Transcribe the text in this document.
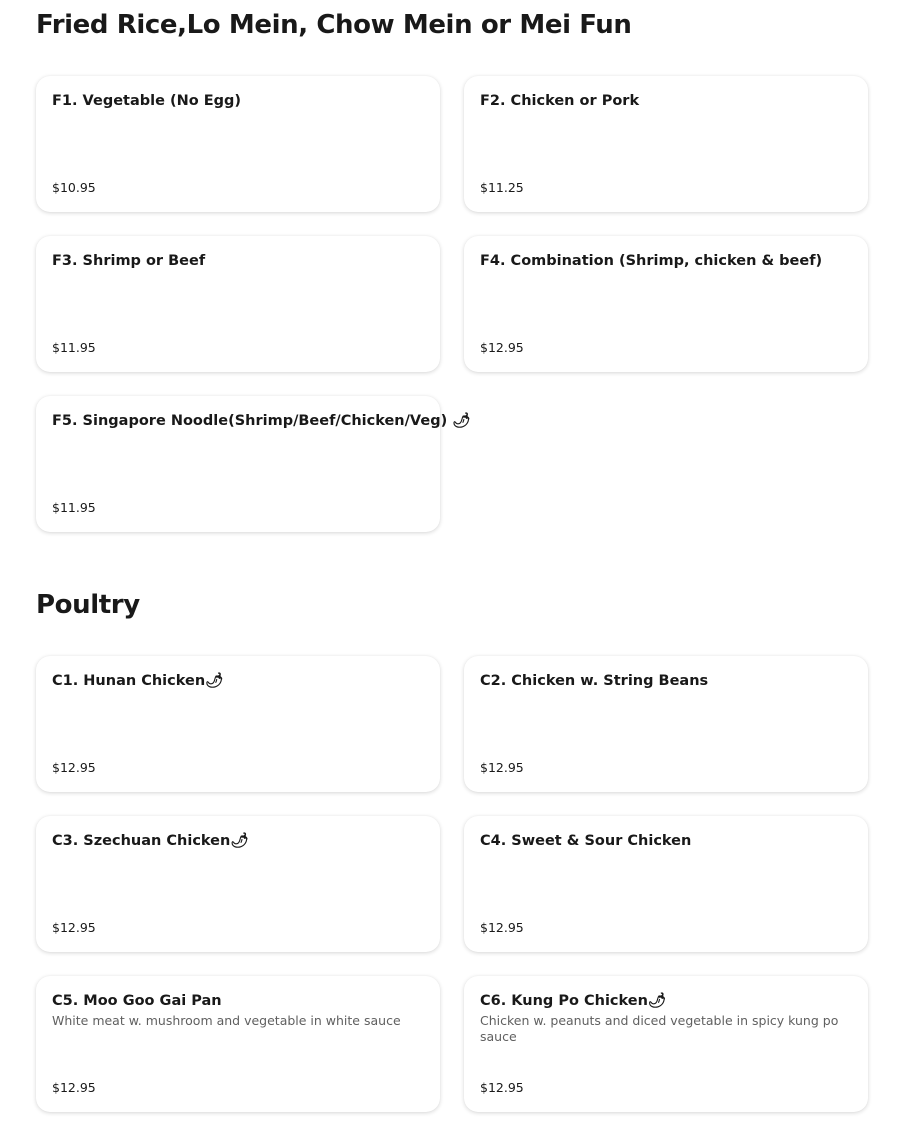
Fried Rice,Lo Mein, Chow Mein or Mei Fun
F1. Vegetable (No Egg)
$10.95
F2. Chicken or Pork
$11.25
F3. Shrimp or Beef
$11.95
F4. Combination (Shrimp, chicken & beef)
$12.95
F5. Singapore Noodle(Shrimp/Beef/Chicken/Veg) 🌶
$11.95
Poultry
C1. Hunan Chicken🌶
$12.95
C2. Chicken w. String Beans
$12.95
C3. Szechuan Chicken🌶
$12.95
C4. Sweet & Sour Chicken
$12.95
C5. Moo Goo Gai Pan
White meat w. mushroom and vegetable in white sauce
$12.95
C6. Kung Po Chicken🌶
Chicken w. peanuts and diced vegetable in spicy kung po sauce
$12.95
